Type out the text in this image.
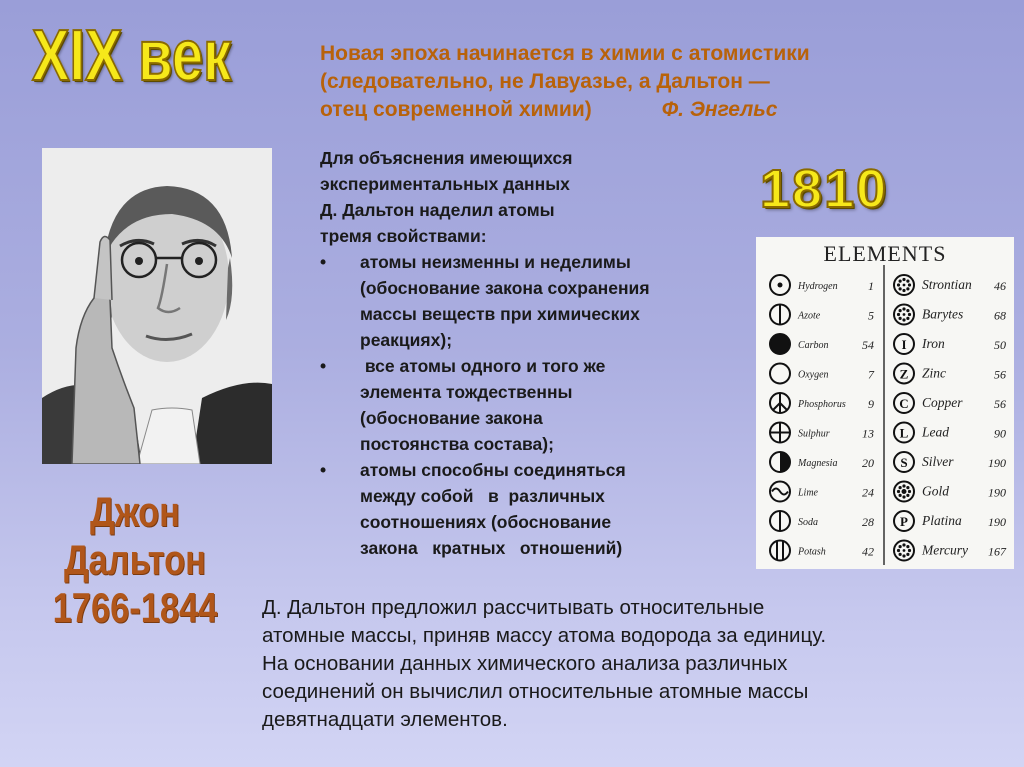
XIX век	Новая эпоха начинается в химии с атомистики
(следовательно, не Лавуазье, а Дальтон —
отец современной химии)	Ф. Энгельс
1810
Джон
Дальтон
1766-1844
Для объяснения имеющихся
экспериментальных данных
Д. Дальтон наделил атомы
тремя свойствами:
• атомы неизменны и неделимы
(обоснование закона сохранения
массы веществ при химических
реакциях);
• все атомы одного и того же
элемента тождественны
(обоснование закона
постоянства состава);
• атомы способны соединяться
между собой   в  различных
соотношениях (обоснование
закона   кратных   отношений)
ELEMENTS
Hydrogen	1
Azote	5
Carbon	54
Oxygen	7
Phosphorus 9
Sulphur	13
Magnesia 20
Lime	24
Soda	28
Potash	42
Strontian 46
Barytes	68
I Iron	50
Z Zinc	56
C Copper	56
L Lead	90
S Silver	190
Gold	190
P Platina 190
Mercury 167
Д. Дальтон предложил рассчитывать относительные
атомные массы, приняв массу атома водорода за единицу.
На основании данных химического анализа различных
соединений он вычислил относительные атомные массы
девятнадцати элементов.
